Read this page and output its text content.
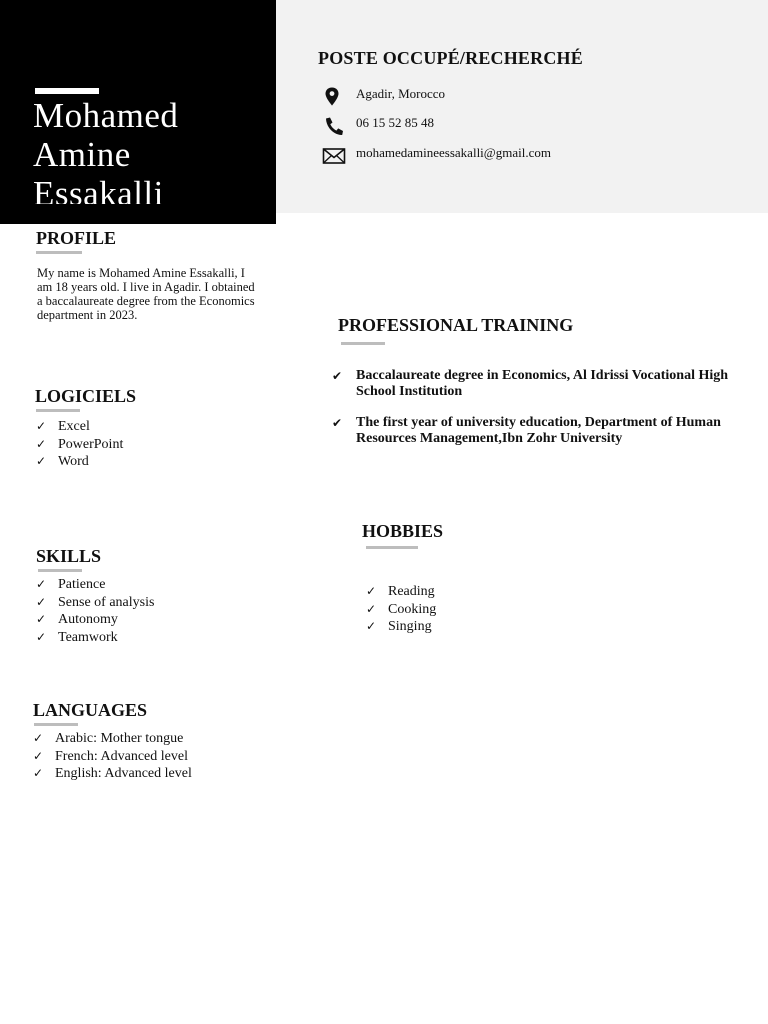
Mohamed
Amine
Essakalli
POSTE OCCUPÉ/RECHERCHÉ
Agadir, Morocco
06 15 52 85 48
mohamedamineessakalli@gmail.com
PROFILE
My name is Mohamed Amine Essakalli, I am 18 years old. I live in Agadir. I obtained a baccalaureate degree from the Economics department in 2023.
LOGICIELS
✓ Excel
✓ PowerPoint
✓ Word
SKILLS
✓ Patience
✓ Sense of analysis
✓ Autonomy
✓ Teamwork
LANGUAGES
✓ Arabic: Mother tongue
✓ French: Advanced level
✓ English: Advanced level
PROFESSIONAL TRAINING
✔ Baccalaureate degree in Economics, Al Idrissi Vocational High School Institution
✔ The first year of university education, Department of Human Resources Management,Ibn Zohr University
HOBBIES
✓ Reading
✓ Cooking
✓ Singing
